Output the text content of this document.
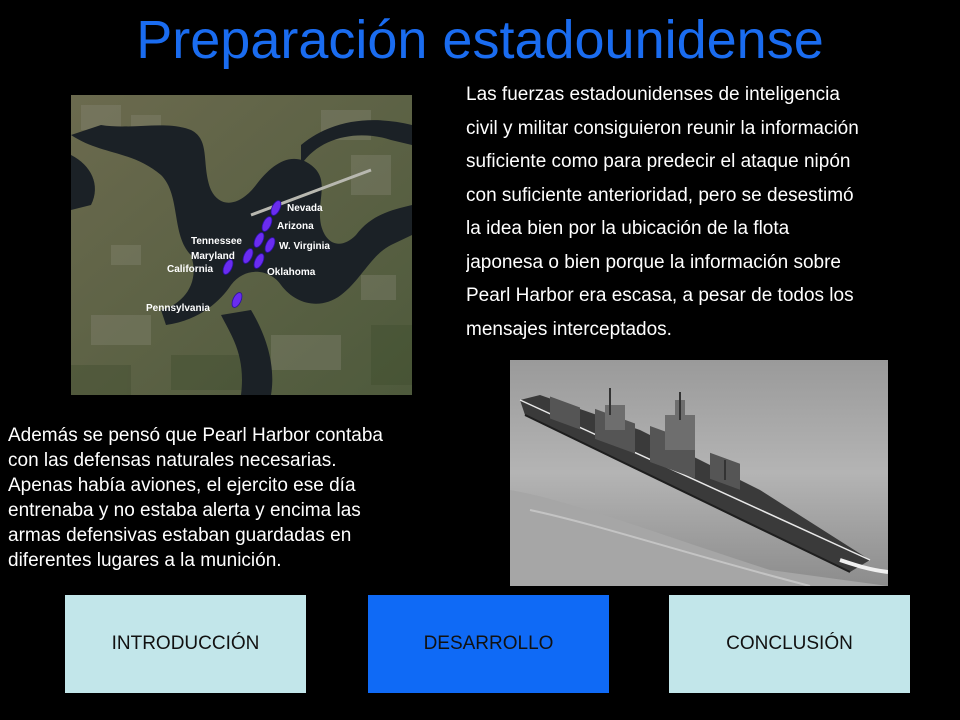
Preparación estadounidense
Nevada
Arizona
Tennessee	W. Virginia
Maryland
Oklahoma
California
Pennsylvania
Las fuerzas estadounidenses de inteligencia
civil y militar consiguieron reunir la información
suficiente como para predecir el ataque nipón
con suficiente anterioridad, pero se desestimó
la idea bien por la ubicación de la flota
japonesa o bien porque la información sobre
Pearl Harbor era escasa, a pesar de todos los
mensajes interceptados.
Además se pensó que Pearl Harbor contaba
con las defensas naturales necesarias.
Apenas había aviones, el ejercito ese día
entrenaba y no estaba alerta y encima las
armas defensivas estaban guardadas en
diferentes lugares a la munición.
INTRODUCCIÓN	DESARROLLO	CONCLUSIÓN
